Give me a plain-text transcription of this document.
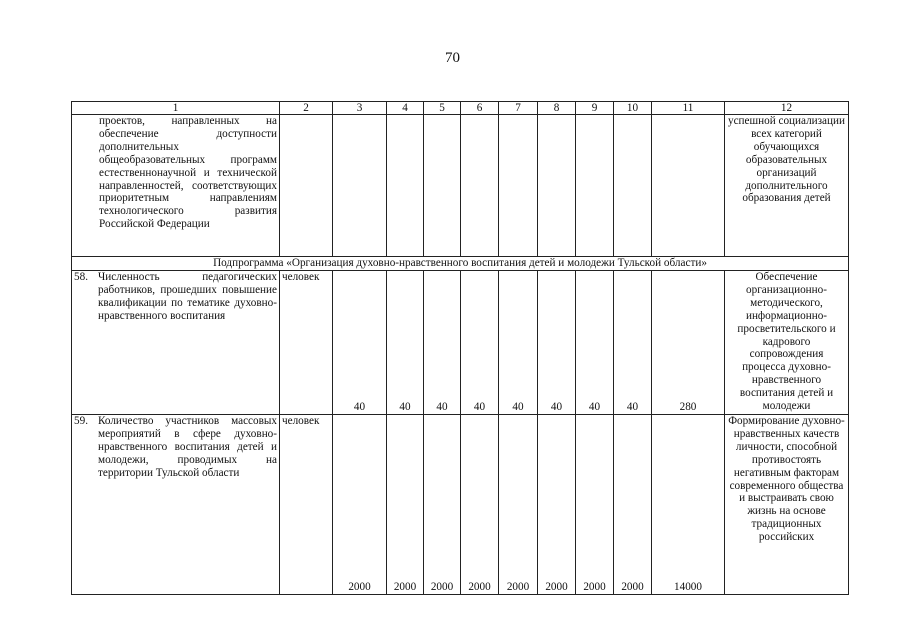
70
1	2	3	4	5	6	7	8	9	10	11	12
проектов, направленных на обеспечение доступности дополнительных общеобразовательных программ естественнонаучной и технической направленностей, соответствующих приоритетным направлениям технологического развития Российской Федерации											успешной социализации всех категорий обучающихся образовательных организаций дополнительного образования детей
Подпрограмма «Организация духовно-нравственного воспитания детей и молодежи Тульской области»											

58. Численность педагогических работников, прошедших повышение квалификации по тематике духовно-нравственного воспитания	человек	40	40	40	40	40	40	40	40	280	Обеспечение организационно-методического, информационно-просветительского и кадрового сопровождения процесса духовно-нравственного воспитания детей и молодежи

59. Количество участников массовых мероприятий в сфере духовно-нравственного воспитания детей и молодежи, проводимых на территории Тульской области	человек	2000	2000	2000	2000	2000	2000	2000	2000	14000	Формирование духовно-нравственных качеств личности, способной противостоять негативным факторам современного общества и выстраивать свою жизнь на основе традиционных российских
